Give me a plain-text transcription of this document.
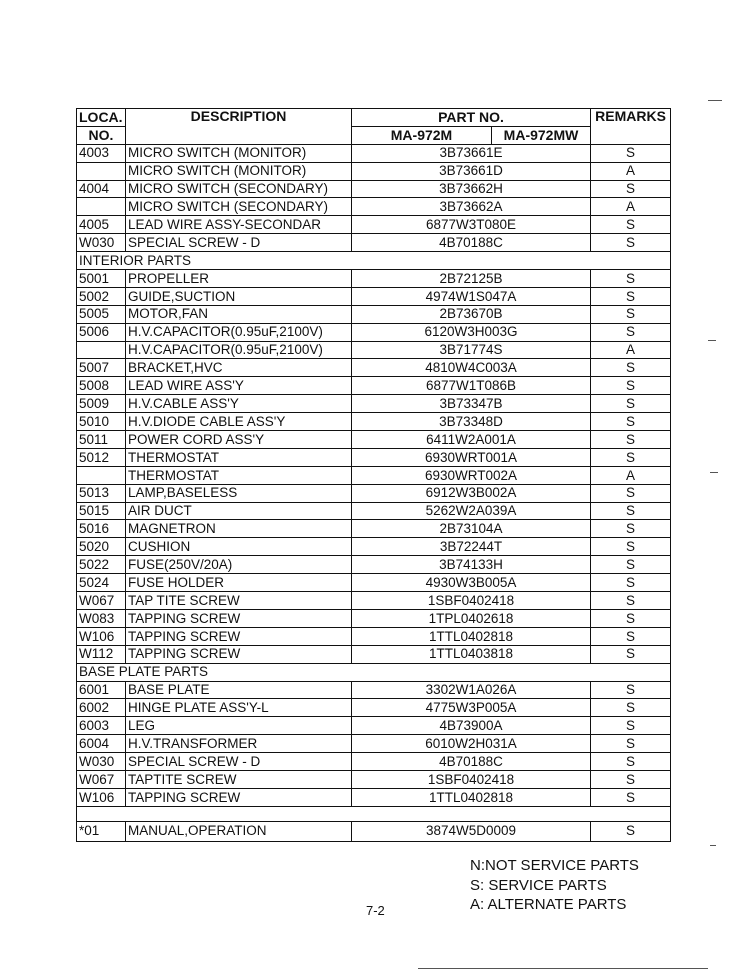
LOCA.	DESCRIPTION	PART NO.		REMARKS
NO.		MA-972M	MA-972MW	
4003	MICRO SWITCH (MONITOR)	3B73661E		S
	MICRO SWITCH (MONITOR)	3B73661D		A
4004	MICRO SWITCH (SECONDARY)	3B73662H		S
	MICRO SWITCH (SECONDARY)	3B73662A		A
4005	LEAD WIRE ASSY-SECONDAR	6877W3T080E		S
W030	SPECIAL SCREW - D	4B70188C		S
INTERIOR PARTS				
5001	PROPELLER	2B72125B		S
5002	GUIDE,SUCTION	4974W1S047A		S
5005	MOTOR,FAN	2B73670B		S
5006	H.V.CAPACITOR(0.95uF,2100V)	6120W3H003G		S
	H.V.CAPACITOR(0.95uF,2100V)	3B71774S		A
5007	BRACKET,HVC	4810W4C003A		S
5008	LEAD WIRE ASS'Y	6877W1T086B		S
5009	H.V.CABLE ASS'Y	3B73347B		S
5010	H.V.DIODE CABLE ASS'Y	3B73348D		S
5011	POWER CORD ASS'Y	6411W2A001A		S
5012	THERMOSTAT	6930WRT001A		S
	THERMOSTAT	6930WRT002A		A
5013	LAMP,BASELESS	6912W3B002A		S
5015	AIR DUCT	5262W2A039A		S
5016	MAGNETRON	2B73104A		S
5020	CUSHION	3B72244T		S
5022	FUSE(250V/20A)	3B74133H		S
5024	FUSE HOLDER	4930W3B005A		S
W067	TAP TITE SCREW	1SBF0402418		S
W083	TAPPING SCREW	1TPL0402618		S
W106	TAPPING SCREW	1TTL0402818		S
W112	TAPPING SCREW	1TTL0403818		S
BASE PLATE PARTS				
6001	BASE PLATE	3302W1A026A		S
6002	HINGE PLATE ASS'Y-L	4775W3P005A		S
6003	LEG	4B73900A		S
6004	H.V.TRANSFORMER	6010W2H031A		S
W030	SPECIAL SCREW - D	4B70188C		S
W067	TAPTITE SCREW	1SBF0402418		S
W106	TAPPING SCREW	1TTL0402818		S

*01	MANUAL,OPERATION	3874W5D0009		S
N:NOT SERVICE PARTS
S: SERVICE PARTS
A: ALTERNATE PARTS
7-2
